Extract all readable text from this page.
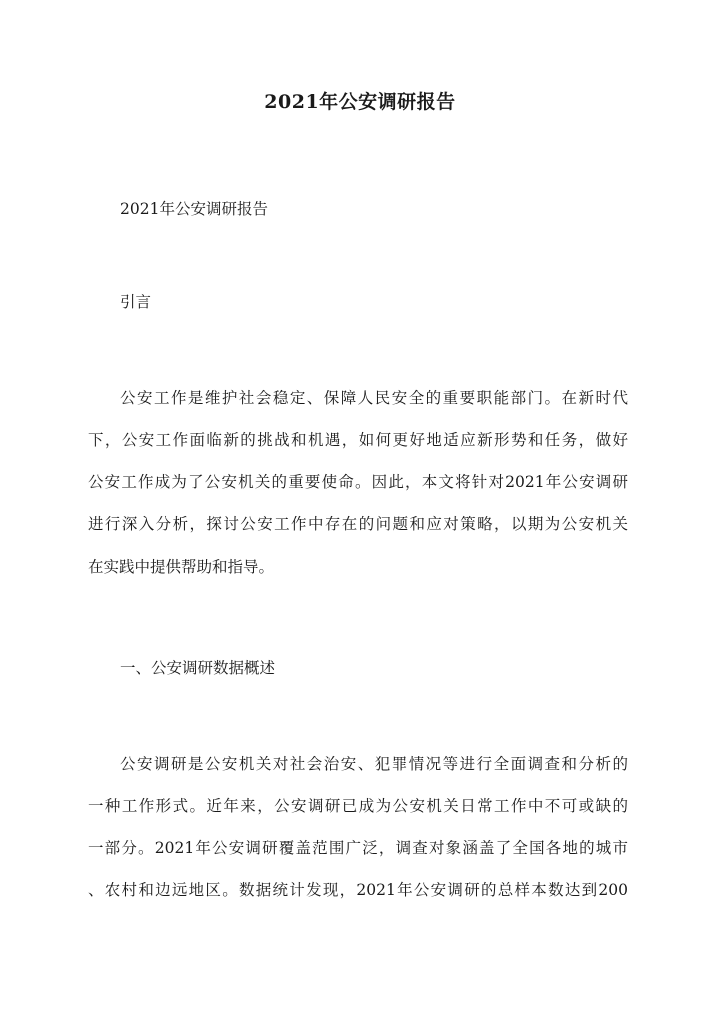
2021年公安调研报告
2021年公安调研报告
引言
公安工作是维护社会稳定、保障人民安全的重要职能部门。在新时代
下，公安工作面临新的挑战和机遇，如何更好地适应新形势和任务，做好
公安工作成为了公安机关的重要使命。因此，本文将针对2021年公安调研
进行深入分析，探讨公安工作中存在的问题和应对策略，以期为公安机关
在实践中提供帮助和指导。
一、公安调研数据概述
公安调研是公安机关对社会治安、犯罪情况等进行全面调查和分析的
一种工作形式。近年来，公安调研已成为公安机关日常工作中不可或缺的
一部分。2021年公安调研覆盖范围广泛，调查对象涵盖了全国各地的城市
、农村和边远地区。数据统计发现，2021年公安调研的总样本数达到200
